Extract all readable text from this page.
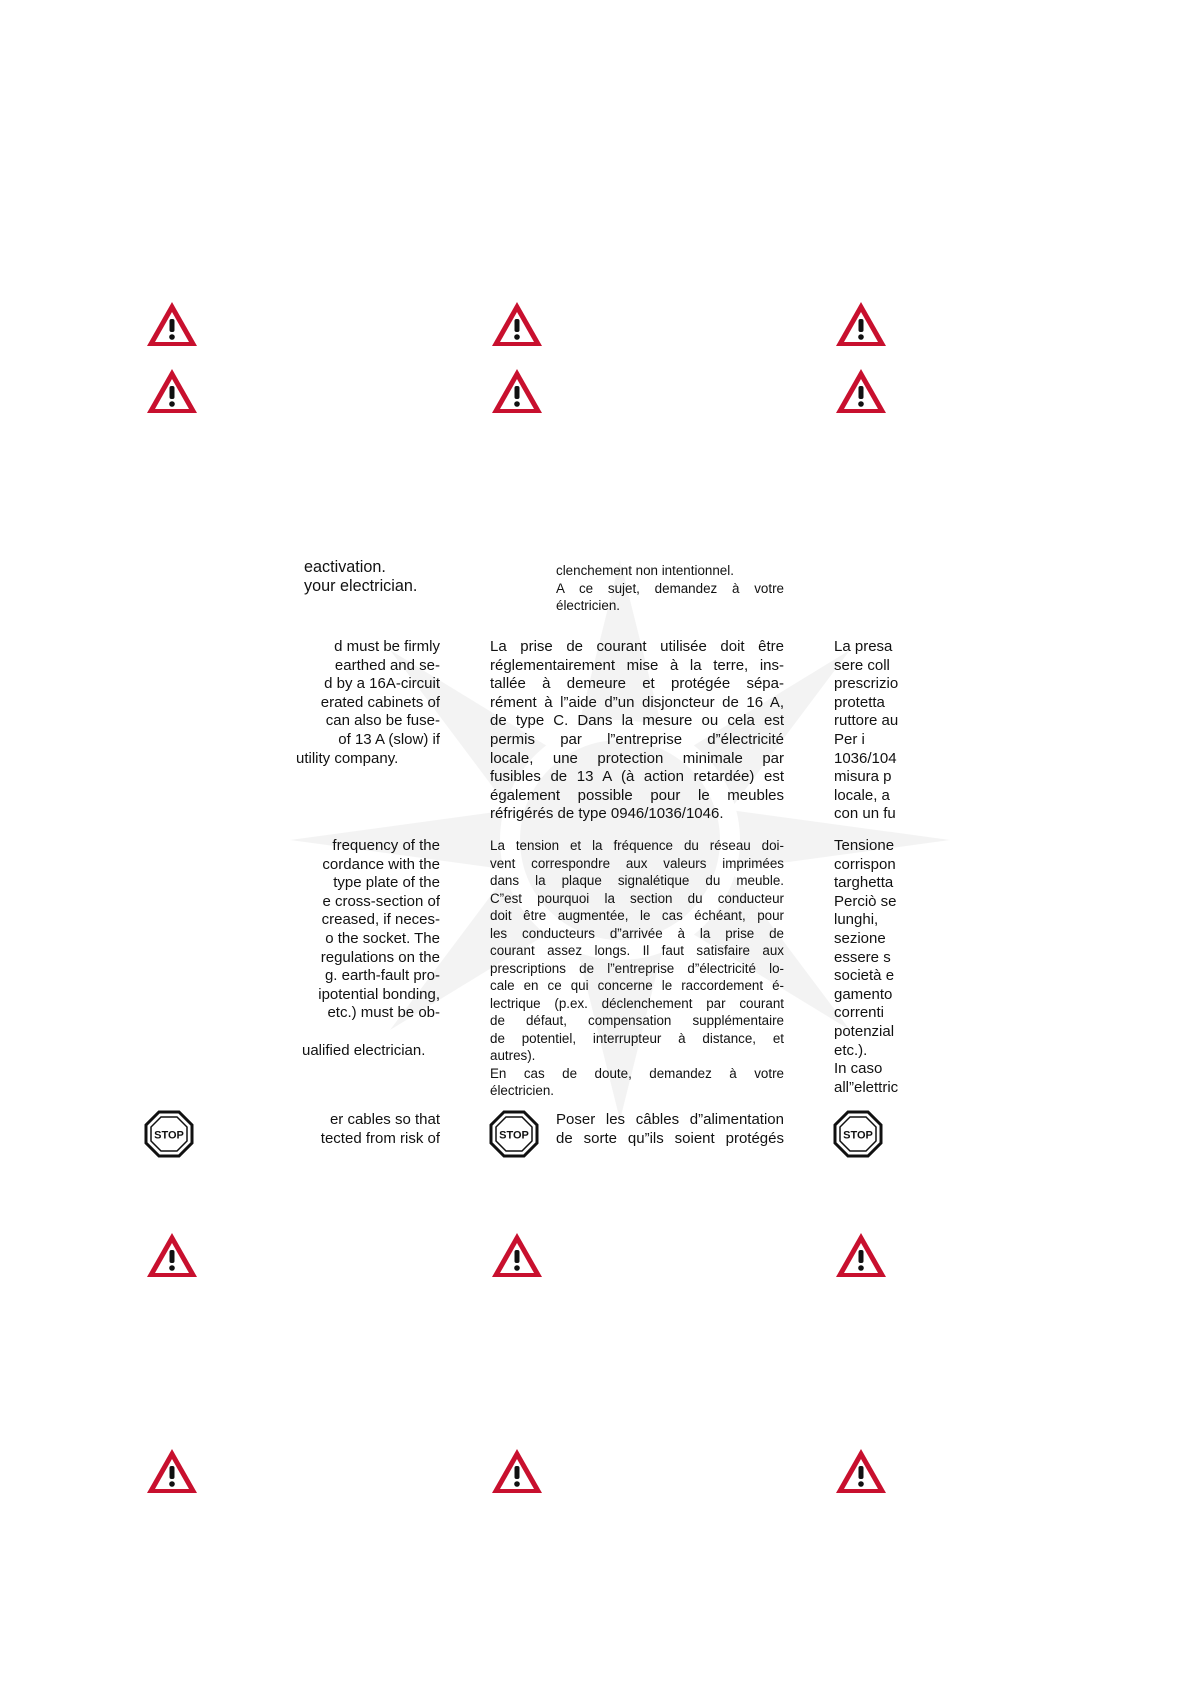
eactivation.
your electrician.
d must be firmly
earthed and se-
d by a 16A-circuit
erated cabinets of
can also be fuse-
of 13 A (slow) if
utility company.
frequency of the
cordance with the
type plate of the
e cross-section of
creased, if neces-
o the socket. The
regulations on the
g. earth-fault pro-
ipotential bonding,
etc.) must be ob-
ualified electrician.
er cables so that
tected from risk of
clenchement non intentionnel.
A ce sujet, demandez à votre
électricien.
La prise de courant utilisée doit être
réglementairement mise à la terre, ins-
tallée à demeure et protégée sépa-
rément à l”aide d”un disjoncteur de 16 A,
de type C. Dans la mesure ou cela est
permis par l”entreprise d”électricité
locale, une protection minimale par
fusibles de 13 A (à action retardée) est
également possible pour le meubles
réfrigérés de type 0946/1036/1046.
La tension et la fréquence du réseau doi-
vent correspondre aux valeurs imprimées
dans la plaque signalétique du meuble.
C”est pourquoi la section du conducteur
doit être augmentée, le cas échéant, pour
les conducteurs d”arrivée à la prise de
courant assez longs. Il faut satisfaire aux
prescriptions de l”entreprise d”électricité lo-
cale en ce qui concerne le raccordement é-
lectrique (p.ex. déclenchement par courant
de défaut, compensation supplémentaire
de potentiel, interrupteur à distance, et
autres).
En cas de doute, demandez à votre
électricien.
Poser les câbles d”alimentation
de sorte qu”ils soient protégés
La presa
sere coll
prescrizio
protetta
ruttore au
Per i
1036/104
misura p
locale, a
con un fu
Tensione
corrispon
targhetta
Perciò se
lunghi,
sezione
essere s
società e
gamento
correnti
potenzial
etc.).
In caso
all”elettric
STOP	STOP	STOP
